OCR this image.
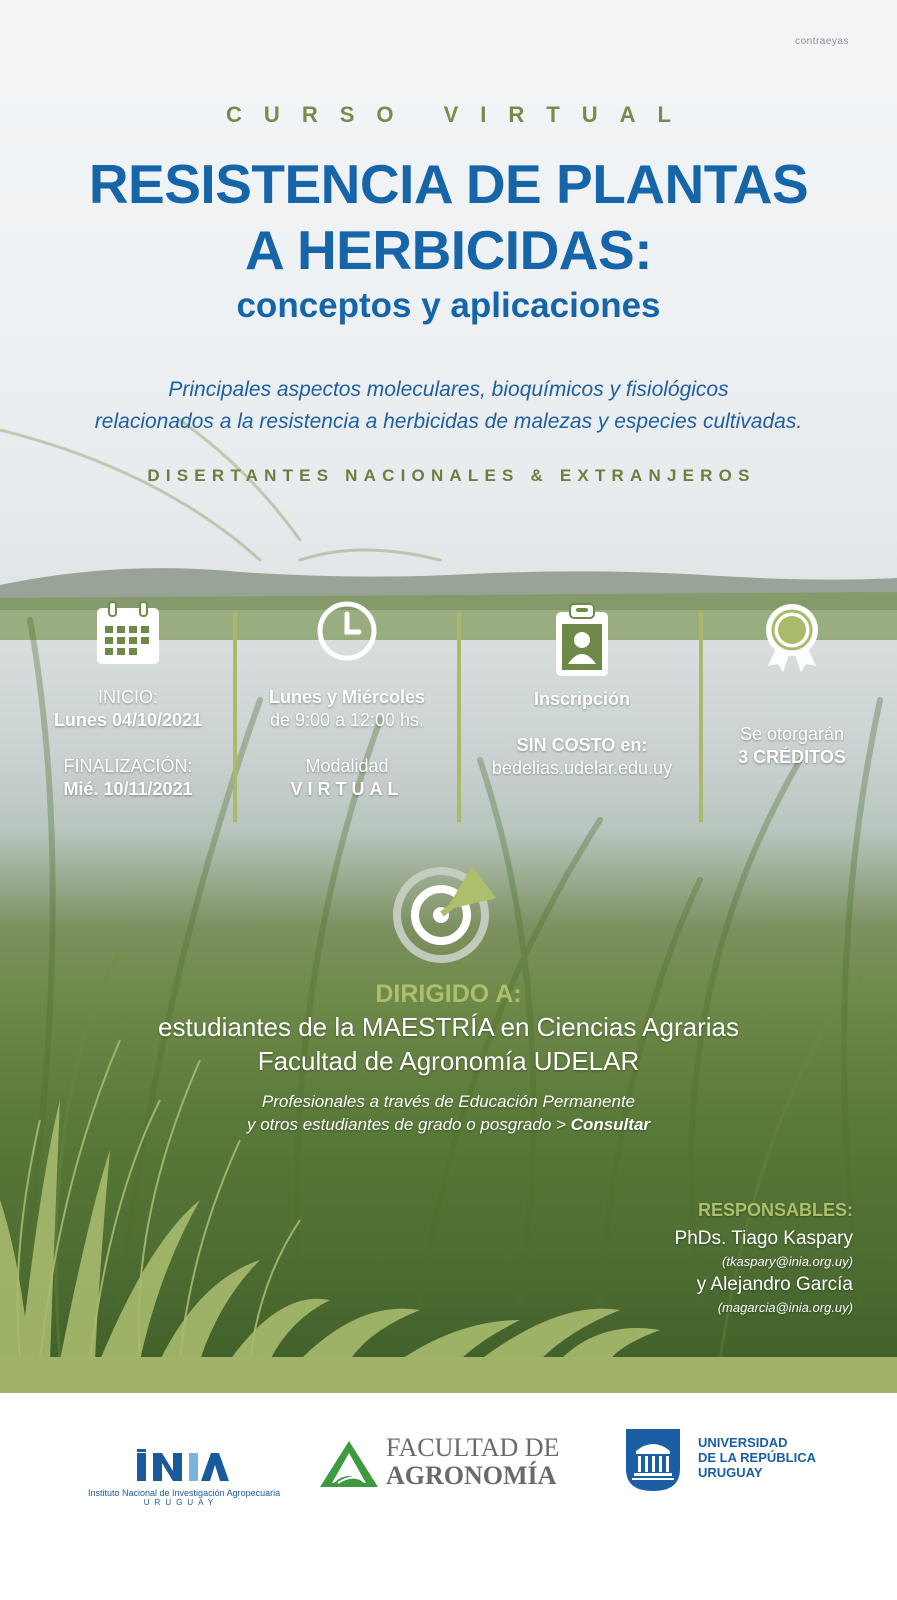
contraeyas
CURSO VIRTUAL
RESISTENCIA DE PLANTAS
A HERBICIDAS:
conceptos y aplicaciones
Principales aspectos moleculares, bioquímicos y fisiológicos
relacionados a la resistencia a herbicidas de malezas y especies cultivadas.
DISERTANTES NACIONALES & EXTRANJEROS
INICIO:
Lunes 04/10/2021
FINALIZACIÓN:
Mié. 10/11/2021
Lunes y Miércoles
de 9:00 a 12:00 hs.
Modalidad
VIRTUAL
Inscripción
SIN COSTO en:
bedelias.udelar.edu.uy
Se otorgarán
3 CRÉDITOS
DIRIGIDO A:
estudiantes de la MAESTRÍA en Ciencias Agrarias
Facultad de Agronomía UDELAR
Profesionales a través de Educación Permanente
y otros estudiantes de grado o posgrado > Consultar
RESPONSABLES:
PhDs. Tiago Kaspary
(tkaspary@inia.org.uy)
y Alejandro García
(magarcia@inia.org.uy)
Instituto Nacional de Investigación Agropecuaria
URUGUAY
FACULTAD DE
AGRONOMÍA
UNIVERSIDAD
DE LA REPÚBLICA
URUGUAY
